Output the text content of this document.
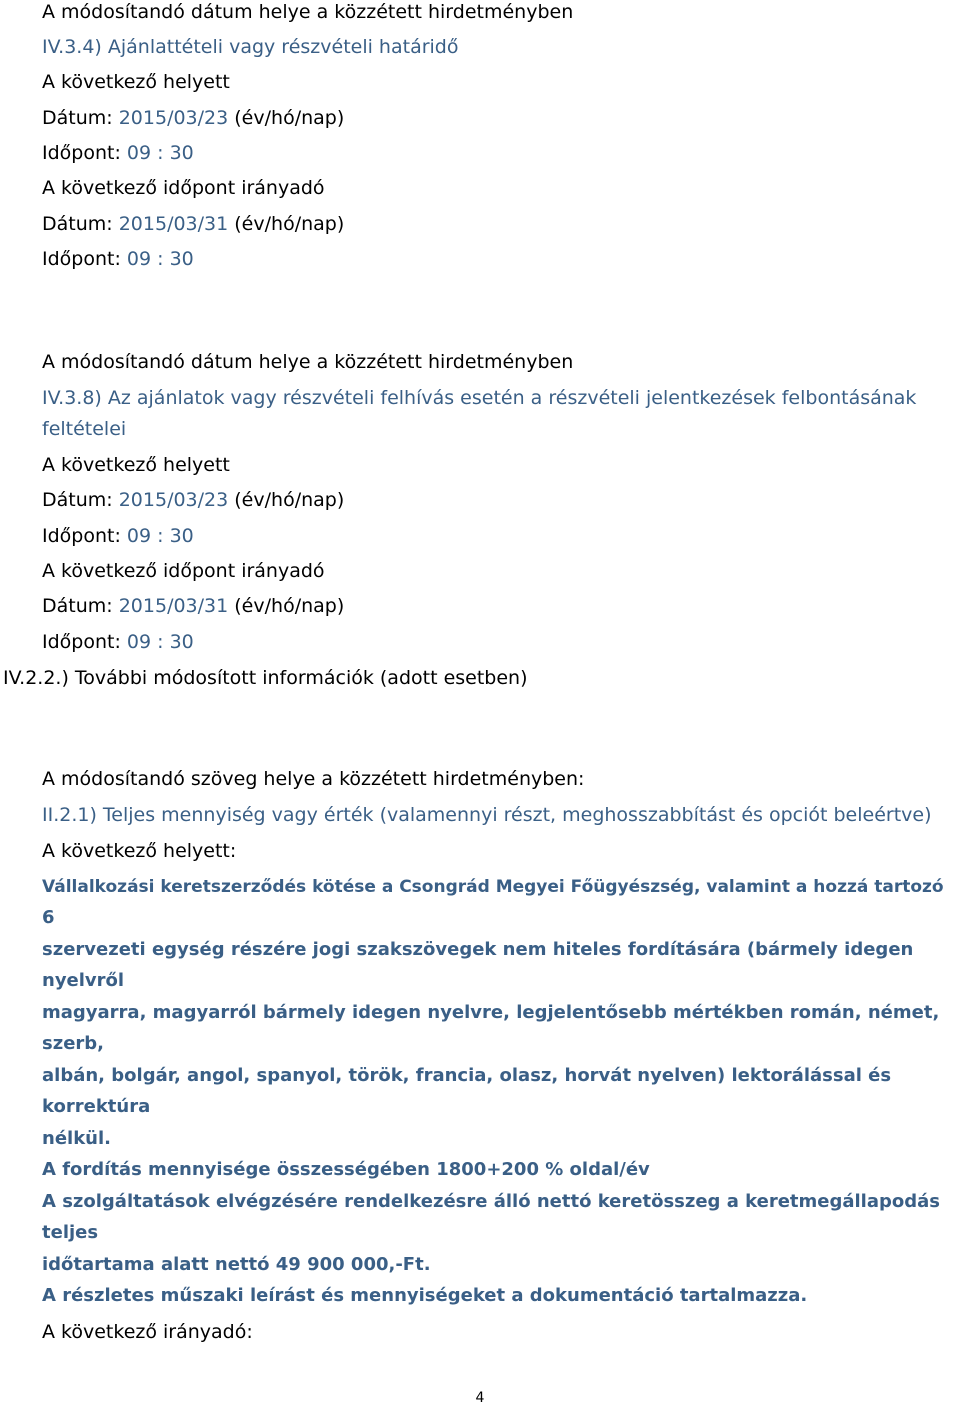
A módosítandó dátum helye a közzétett hirdetményben
IV.3.4) Ajánlattételi vagy részvételi határidő
A következő helyett
Dátum: 2015/03/23 (év/hó/nap)
Időpont: 09 : 30
A következő időpont irányadó
Dátum: 2015/03/31 (év/hó/nap)
Időpont: 09 : 30
A módosítandó dátum helye a közzétett hirdetményben
IV.3.8) Az ajánlatok vagy részvételi felhívás esetén a részvételi jelentkezések felbontásának
feltételei
A következő helyett
Dátum: 2015/03/23 (év/hó/nap)
Időpont: 09 : 30
A következő időpont irányadó
Dátum: 2015/03/31 (év/hó/nap)
Időpont: 09 : 30
IV.2.2.) További módosított információk (adott esetben)
A módosítandó szöveg helye a közzétett hirdetményben:
II.2.1) Teljes mennyiség vagy érték (valamennyi részt, meghosszabbítást és opciót beleértve)
A következő helyett:
Vállalkozási keretszerződés kötése a Csongrád Megyei Főügyészség, valamint a hozzá tartozó
6
szervezeti egység részére jogi szakszövegek nem hiteles fordítására (bármely idegen
nyelvről
magyarra, magyarról bármely idegen nyelvre, legjelentősebb mértékben román, német,
szerb,
albán, bolgár, angol, spanyol, török, francia, olasz, horvát nyelven) lektorálással és
korrektúra
nélkül.
A fordítás mennyisége összességében 1800+200 % oldal/év
A szolgáltatások elvégzésére rendelkezésre álló nettó keretösszeg a keretmegállapodás
teljes
időtartama alatt nettó 49 900 000,-Ft.
A részletes műszaki leírást és mennyiségeket a dokumentáció tartalmazza.
A következő irányadó:
4
